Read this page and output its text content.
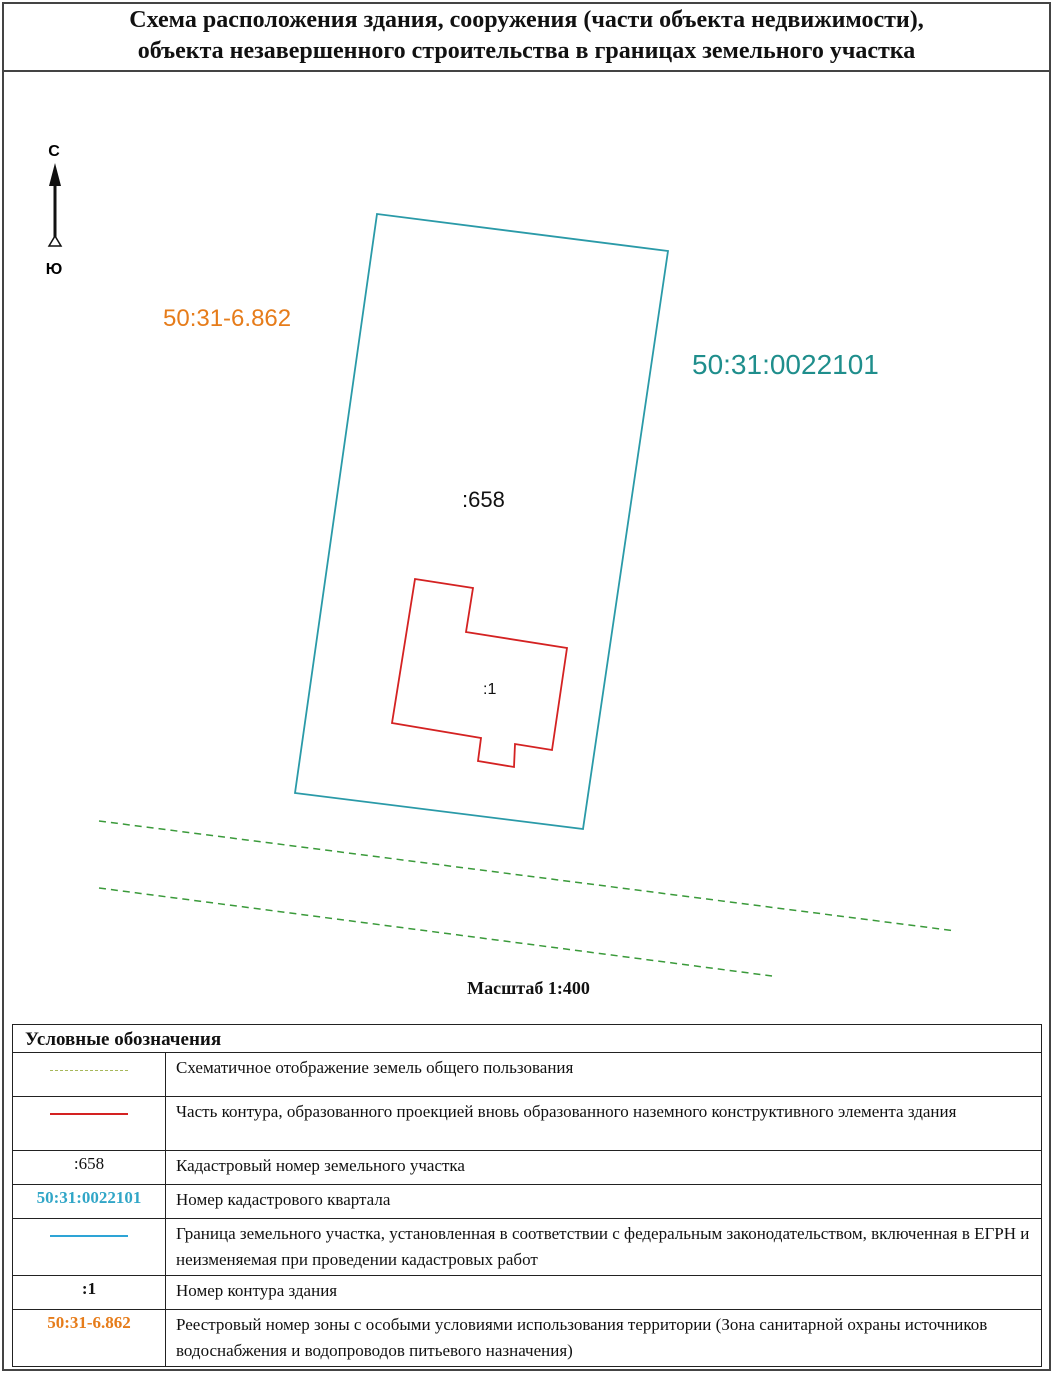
Схема расположения здания, сооружения (части объекта недвижимости),
объекта незавершенного строительства в границах земельного участка
С
Ю
50:31-6.862
50:31:0022101
:658
:1
Масштаб 1:400
Условные обозначения
	Схематичное отображение земель общего пользования
	Часть контура, образованного проекцией вновь образованного наземного конструктивного элемента здания
:658	Кадастровый номер земельного участка
50:31:0022101	Номер кадастрового квартала
	Граница земельного участка, установленная в соответствии с федеральным законодательством, включенная в ЕГРН и неизменяемая при проведении кадастровых работ
:1	Номер контура здания
50:31-6.862	Реестровый номер зоны с особыми условиями использования территории (Зона санитарной охраны источников водоснабжения и водопроводов питьевого назначения)
